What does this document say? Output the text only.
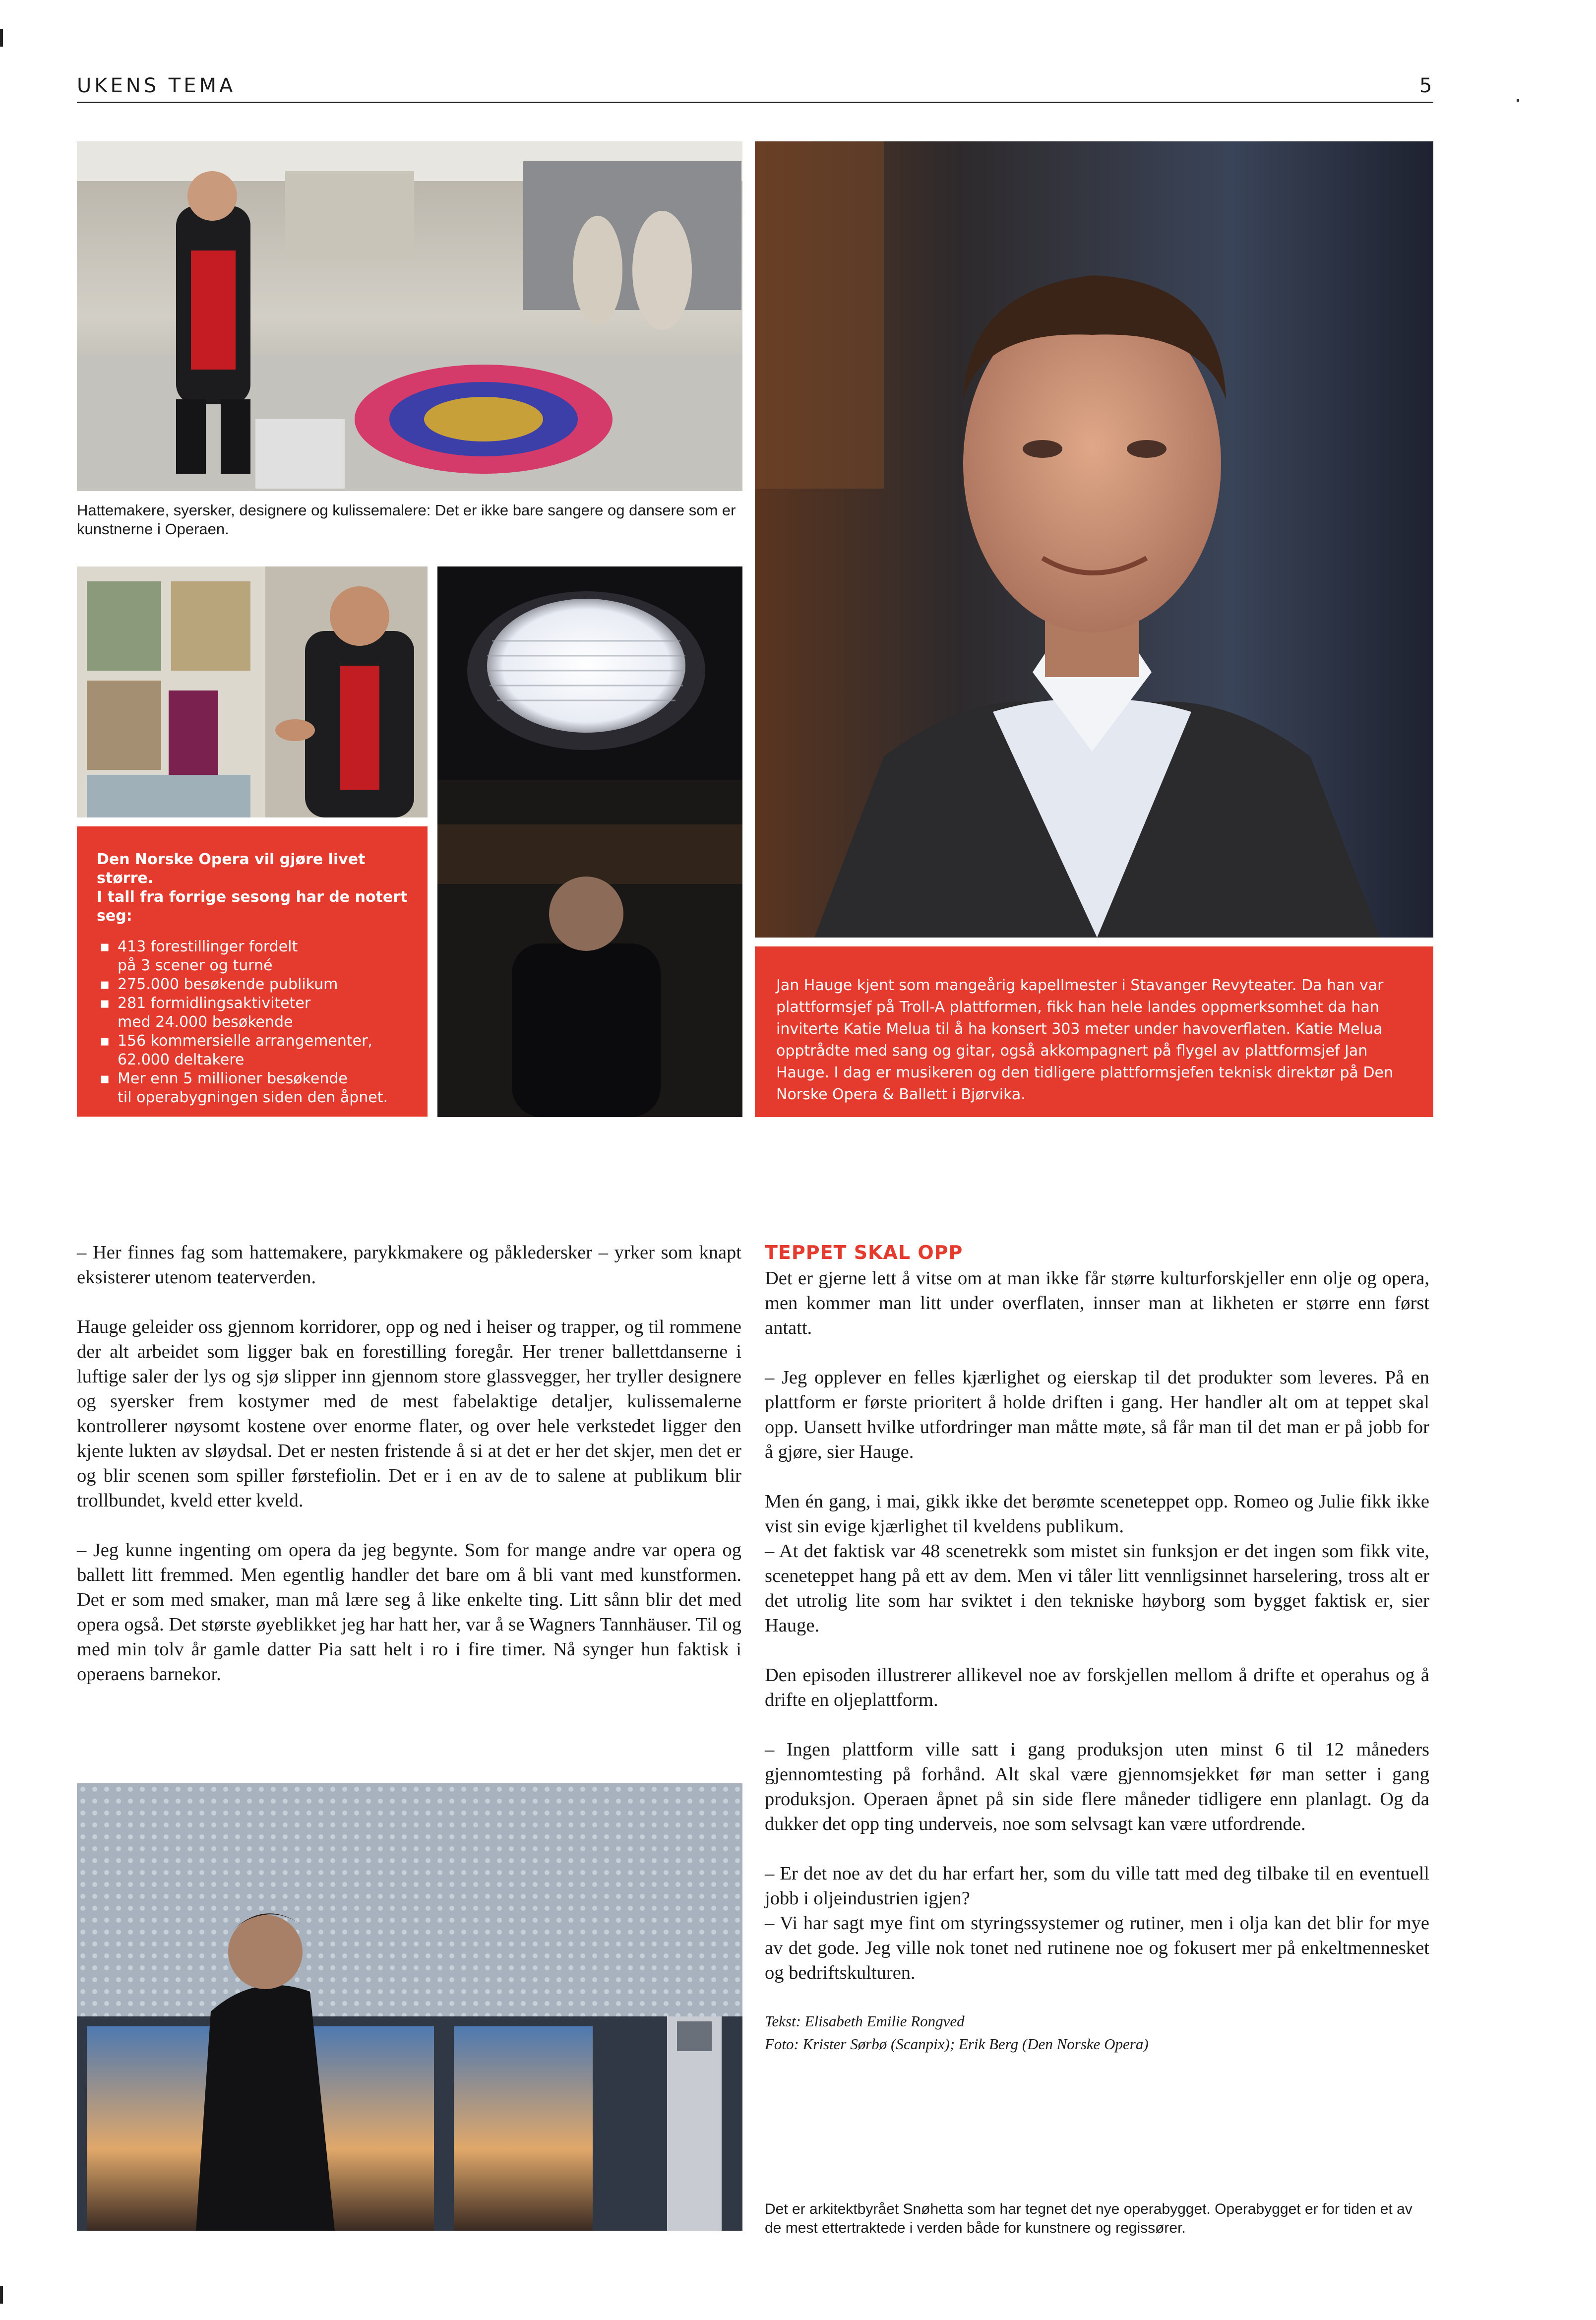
UKENS TEMA	5
Hattemakere, syersker, designere og kulissemalere: Det er ikke bare sangere og dansere som er kunstnerne i Operaen.
Den Norske Opera vil gjøre livet større.
I tall fra forrige sesong har de notert seg:
▪ 413 forestillinger fordelt
på 3 scener og turné
▪ 275.000 besøkende publikum
▪ 281 formidlingsaktiviteter
med 24.000 besøkende
▪ 156 kommersielle arrangementer,
62.000 deltakere
▪ Mer enn 5 millioner besøkende
til operabygningen siden den åpnet.
Jan Hauge kjent som mangeårig kapellmester i Stavanger Revyteater. Da han var plattformsjef på Troll-A plattformen, fikk han hele landes oppmerksomhet da han inviterte Katie Melua til å ha konsert 303 meter under havoverflaten. Katie Melua opptrådte med sang og gitar, også akkompagnert på flygel av plattformsjef Jan Hauge. I dag er musikeren og den tidligere plattformsjefen teknisk direktør på Den Norske Opera & Ballett i Bjørvika.

– Her finnes fag som hattemakere, parykkmakere og påkledersker – yrker som knapt eksisterer utenom teaterverden.

Hauge geleider oss gjennom korridorer, opp og ned i heiser og trapper, og til rommene der alt arbeidet som ligger bak en forestilling foregår. Her trener ballettdanserne i luftige saler der lys og sjø slipper inn gjennom store glassvegger, her tryller designere og syersker frem kostymer med de mest fabelaktige detaljer, kulissemalerne kontrollerer nøysomt kostene over enorme flater, og over hele verkstedet ligger den kjente lukten av sløydsal. Det er nesten fristende å si at det er her det skjer, men det er og blir scenen som spiller førstefiolin. Det er i en av de to salene at publikum blir trollbundet, kveld etter kveld.

– Jeg kunne ingenting om opera da jeg begynte. Som for mange andre var opera og ballett litt fremmed. Men egentlig handler det bare om å bli vant med kunstformen. Det er som med smaker, man må lære seg å like enkelte ting. Litt sånn blir det med opera også. Det største øyeblikket jeg har hatt her, var å se Wagners Tannhäuser. Til og med min tolv år gamle datter Pia satt helt i ro i fire timer. Nå synger hun faktisk i operaens barnekor.

TEPPET SKAL OPP

Det er gjerne lett å vitse om at man ikke får større kulturforskjeller enn olje og opera, men kommer man litt under overflaten, innser man at likheten er større enn først antatt.

– Jeg opplever en felles kjærlighet og eierskap til det produkter som leveres. På en plattform er første prioritert å holde driften i gang. Her handler alt om at teppet skal opp. Uansett hvilke utfordringer man måtte møte, så får man til det man er på jobb for å gjøre, sier Hauge.

Men én gang, i mai, gikk ikke det berømte sceneteppet opp. Romeo og Julie fikk ikke vist sin evige kjærlighet til kveldens publikum.

– At det faktisk var 48 scenetrekk som mistet sin funksjon er det ingen som fikk vite, sceneteppet hang på ett av dem. Men vi tåler litt vennligsinnet harselering, tross alt er det utrolig lite som har sviktet i den tekniske høyborg som bygget faktisk er, sier Hauge.

Den episoden illustrerer allikevel noe av forskjellen mellom å drifte et operahus og å drifte en oljeplattform.

– Ingen plattform ville satt i gang produksjon uten minst 6 til 12 måneders gjennomtesting på forhånd. Alt skal være gjennomsjekket før man setter i gang produksjon. Operaen åpnet på sin side flere måneder tidligere enn planlagt. Og da dukker det opp ting underveis, noe som selvsagt kan være utfordrende.

– Er det noe av det du har erfart her, som du ville tatt med deg tilbake til en eventuell jobb i oljeindustrien igjen?

– Vi har sagt mye fint om styringssystemer og rutiner, men i olja kan det blir for mye av det gode. Jeg ville nok tonet ned rutinene noe og fokusert mer på enkeltmennesket og bedriftskulturen.

Tekst: Elisabeth Emilie Rongved

Foto: Krister Sørbø (Scanpix); Erik Berg (Den Norske Opera)

Det er arkitektbyrået Snøhetta som har tegnet det nye operabygget. Operabygget er for tiden et av de mest ettertraktede i verden både for kunstnere og regissører.
